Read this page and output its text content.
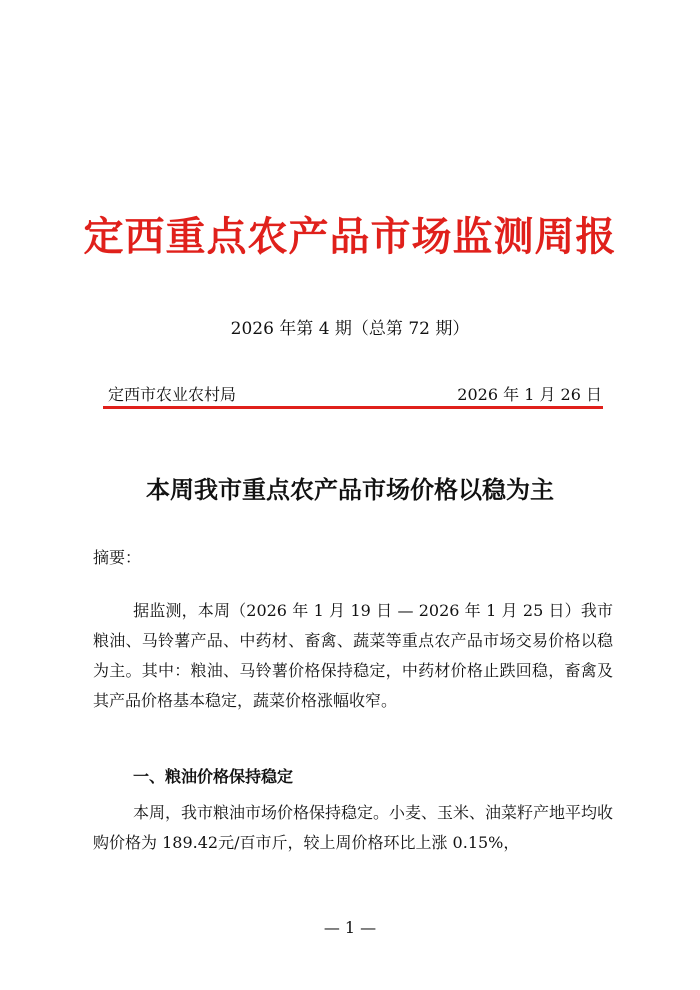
定西重点农产品市场监测周报
2026 年第 4 期（总第 72 期）
定西市农业农村局	2026 年 1 月 26 日
本周我市重点农产品市场价格以稳为主
摘要：
据监测，本周（2026 年 1 月 19 日 — 2026 年 1 月 25 日）我市粮油、马铃薯产品、中药材、畜禽、蔬菜等重点农产品市场交易价格以稳为主。其中：粮油、马铃薯价格保持稳定，中药材价格止跌回稳，畜禽及其产品价格基本稳定，蔬菜价格涨幅收窄。
一、粮油价格保持稳定
本周，我市粮油市场价格保持稳定。小麦、玉米、油菜籽产地平均收购价格为 189.42元/百市斤，较上周价格环比上涨 0.15%，
— 1 —
